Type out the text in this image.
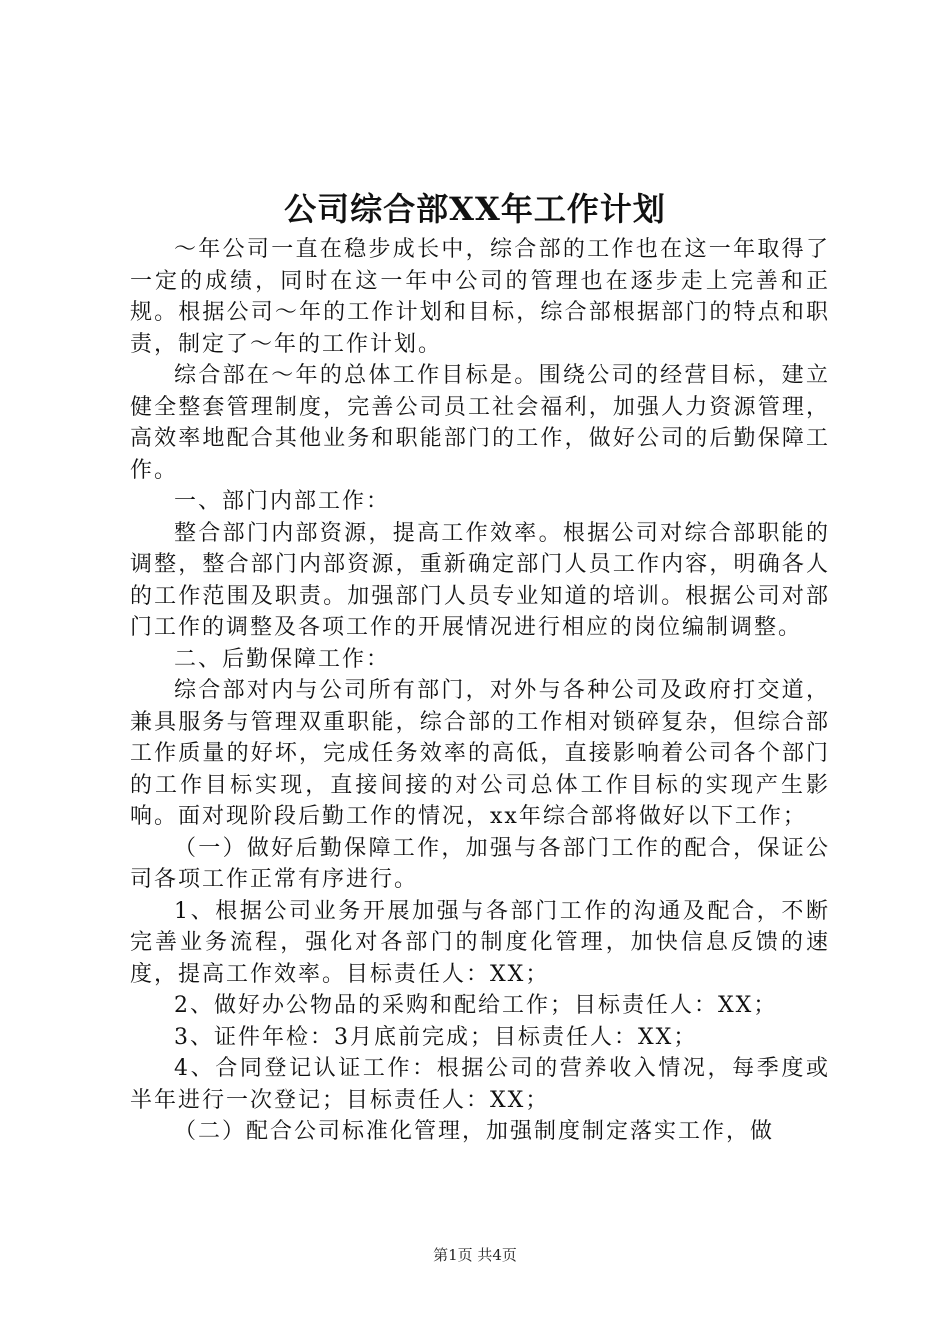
公司综合部XX年工作计划

～年公司一直在稳步成长中，综合部的工作也在这一年取得了一定的成绩，同时在这一年中公司的管理也在逐步走上完善和正规。根据公司～年的工作计划和目标，综合部根据部门的特点和职责，制定了～年的工作计划。

综合部在～年的总体工作目标是。围绕公司的经营目标，建立健全整套管理制度，完善公司员工社会福利，加强人力资源管理，高效率地配合其他业务和职能部门的工作，做好公司的后勤保障工作。

一、部门内部工作：

整合部门内部资源，提高工作效率。根据公司对综合部职能的调整，整合部门内部资源，重新确定部门人员工作内容，明确各人的工作范围及职责。加强部门人员专业知道的培训。根据公司对部门工作的调整及各项工作的开展情况进行相应的岗位编制调整。

二、后勤保障工作：

综合部对内与公司所有部门，对外与各种公司及政府打交道，兼具服务与管理双重职能，综合部的工作相对锁碎复杂，但综合部工作质量的好坏，完成任务效率的高低，直接影响着公司各个部门的工作目标实现，直接间接的对公司总体工作目标的实现产生影响。面对现阶段后勤工作的情况，xx年综合部将做好以下工作；

（一）做好后勤保障工作，加强与各部门工作的配合，保证公司各项工作正常有序进行。

1、根据公司业务开展加强与各部门工作的沟通及配合，不断完善业务流程，强化对各部门的制度化管理，加快信息反馈的速度，提高工作效率。目标责任人：XX；

2、做好办公物品的采购和配给工作；目标责任人：XX；

3、证件年检：3月底前完成；目标责任人：XX；

4、合同登记认证工作：根据公司的营养收入情况，每季度或半年进行一次登记；目标责任人：XX；

（二）配合公司标准化管理，加强制度制定落实工作，做

第1页 共4页
